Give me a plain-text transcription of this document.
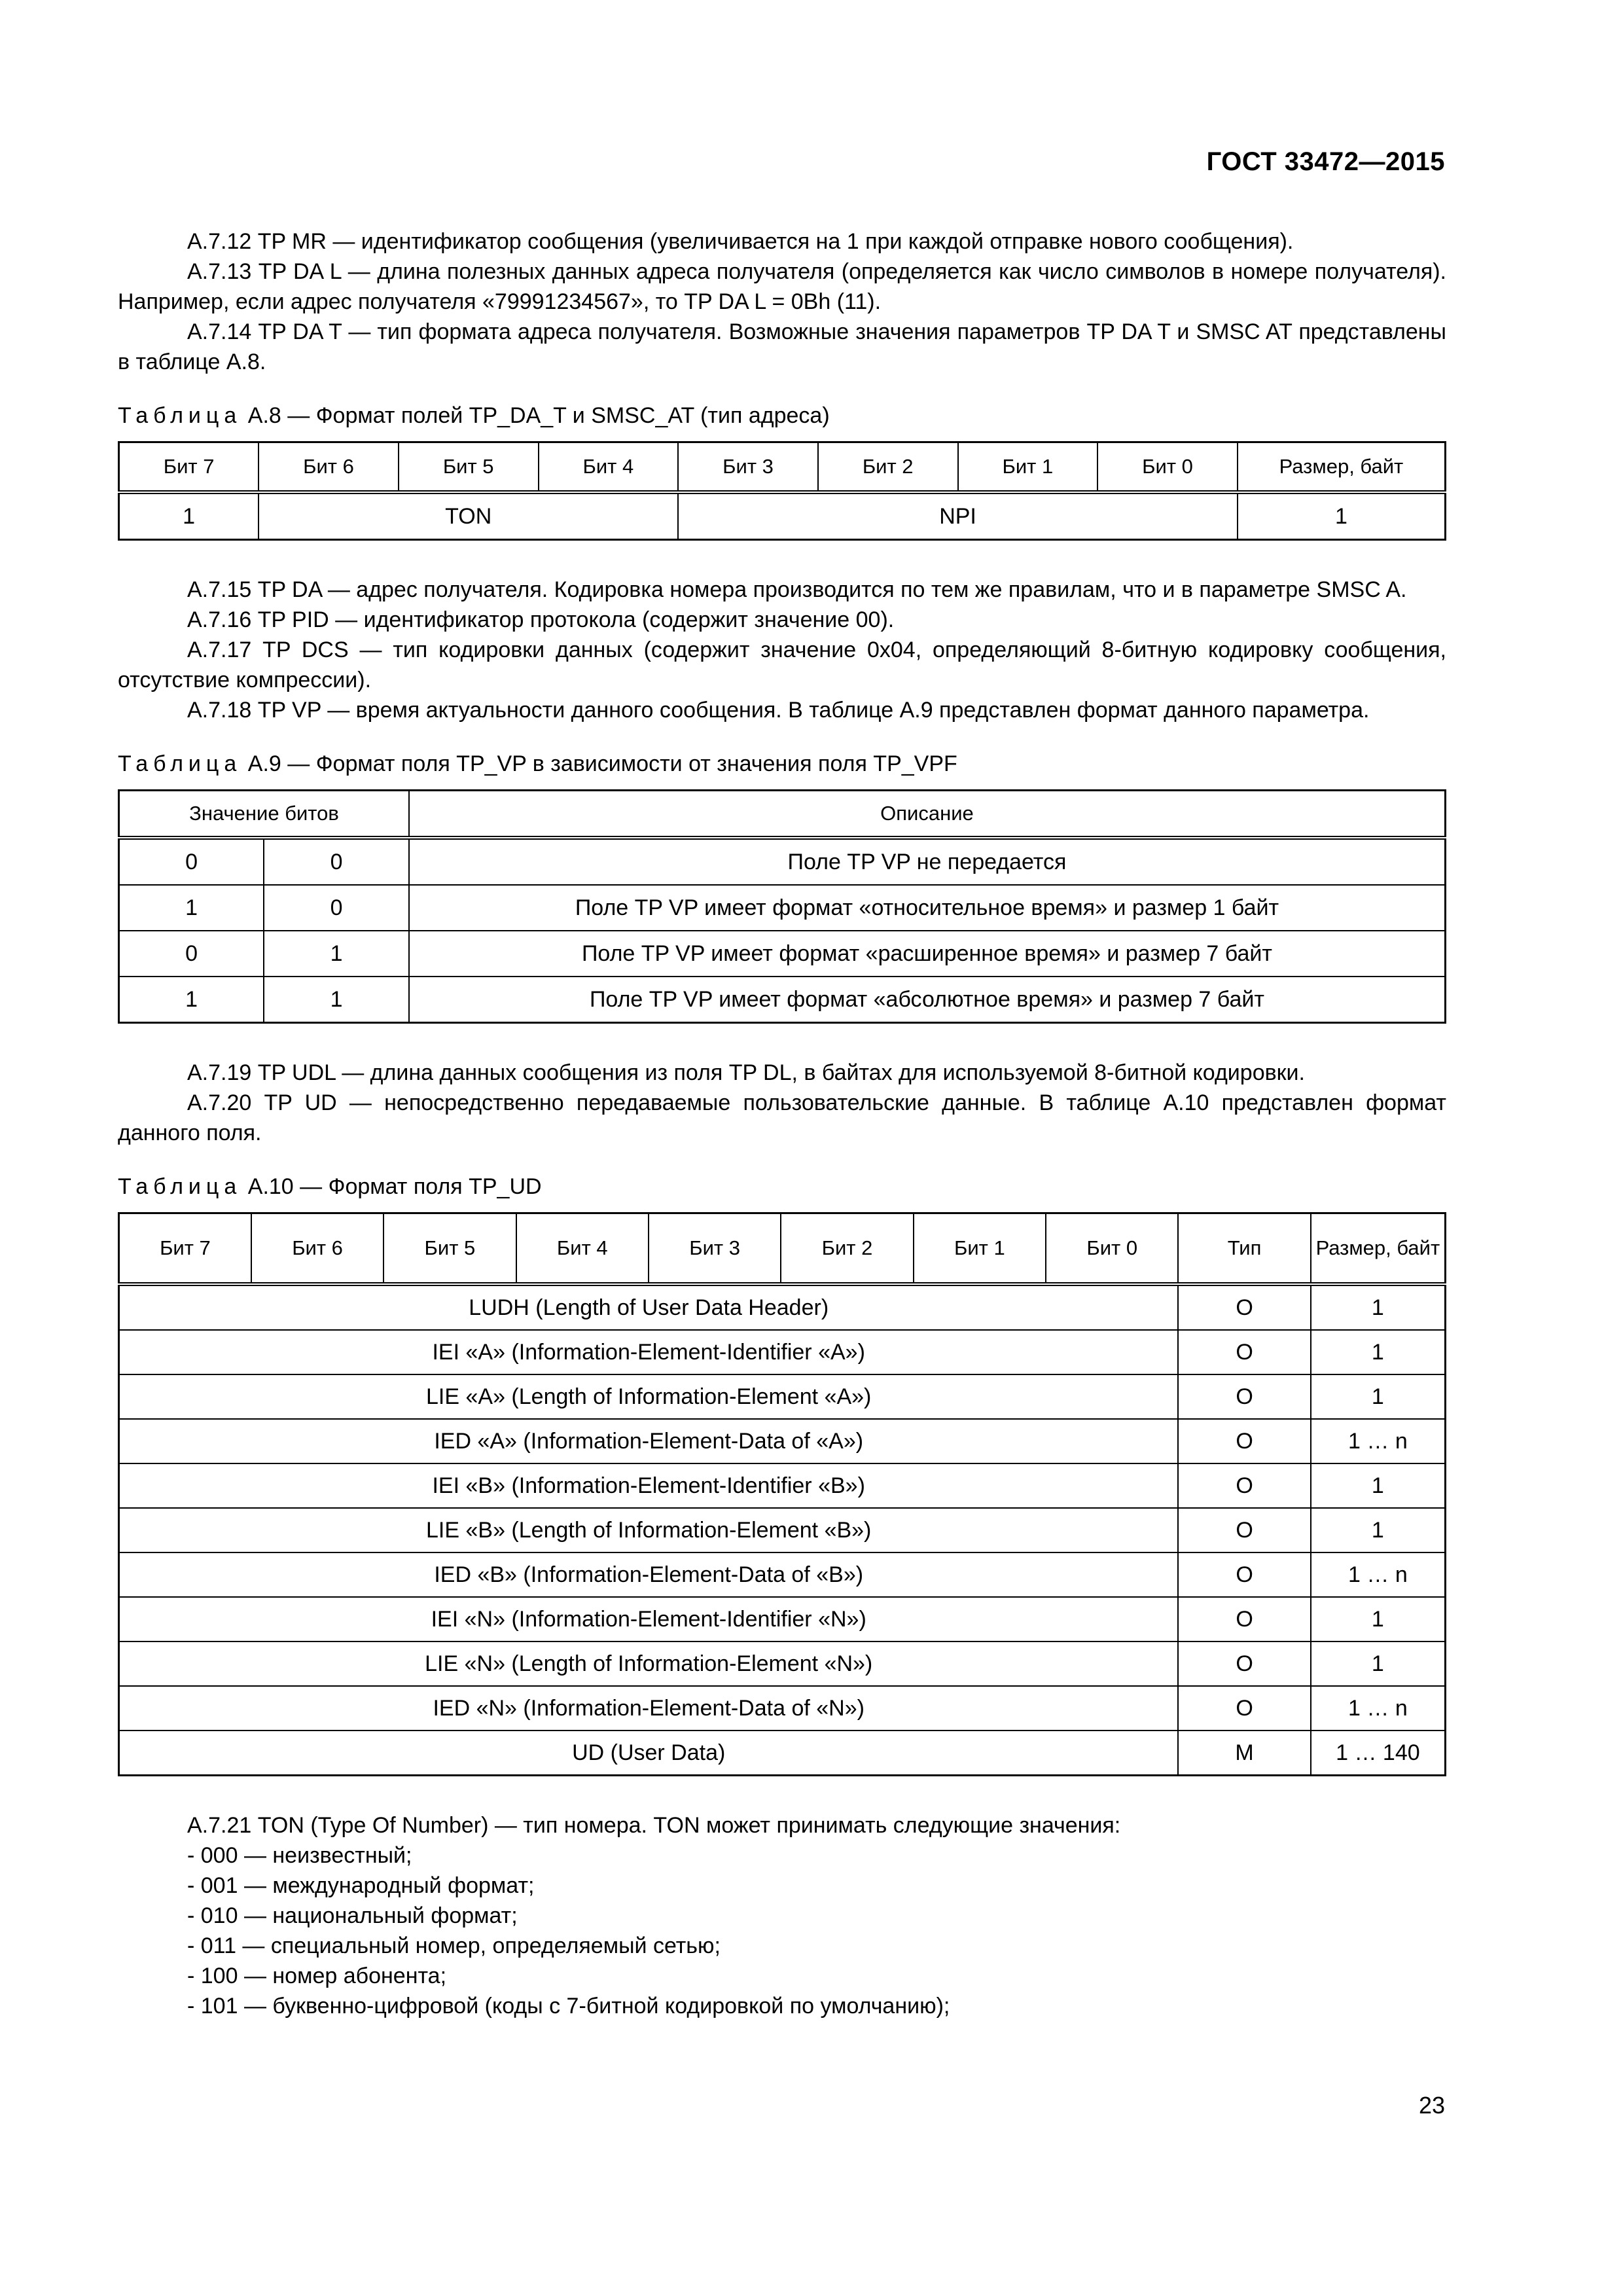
ГОСТ 33472—2015

А.7.12 TP MR — идентификатор сообщения (увеличивается на 1 при каждой отправке нового сообщения).

А.7.13 TP DA L — длина полезных данных адреса получателя (определяется как число символов в номере получателя). Например, если адрес получателя «79991234567», то TP DA L = 0Bh (11).

А.7.14 TP DA T — тип формата адреса получателя. Возможные значения параметров TP DA T и SMSC AT представлены в таблице А.8.

Таблица А.8 — Формат полей TP_DA_T и SMSC_AT (тип адреса)
Бит 7	Бит 6	Бит 5	Бит 4	Бит 3	Бит 2	Бит 1	Бит 0	Размер, байт
1	TON			NPI				1

А.7.15 TP DA — адрес получателя. Кодировка номера производится по тем же правилам, что и в параметре SMSC A.

А.7.16 TP PID — идентификатор протокола (содержит значение 00).

А.7.17 TP DCS — тип кодировки данных (содержит значение 0x04, определяющий 8-битную кодировку сообщения, отсутствие компрессии).

А.7.18 TP VP — время актуальности данного сообщения. В таблице А.9 представлен формат данного параметра.

Таблица А.9 — Формат поля TP_VP в зависимости от значения поля TP_VPF
Значение битов		Описание
0	0	Поле TP VP не передается
1	0	Поле TP VP имеет формат «относительное время» и размер 1 байт
0	1	Поле TP VP имеет формат «расширенное время» и размер 7 байт
1	1	Поле TP VP имеет формат «абсолютное время» и размер 7 байт

А.7.19 TP UDL — длина данных сообщения из поля TP DL, в байтах для используемой 8-битной кодировки.

А.7.20 TP UD — непосредственно передаваемые пользовательские данные. В таблице А.10 представлен формат данного поля.

Таблица А.10 — Формат поля TP_UD
Бит 7	Бит 6	Бит 5	Бит 4	Бит 3	Бит 2	Бит 1	Бит 0	Тип	Размер, байт
LUDH (Length of User Data Header)								O	1
IEI «A» (Information-Element-Identifier «A»)								O	1
LIE «A» (Length of Information-Element «A»)								O	1
IED «A» (Information-Element-Data of «A»)								O	1 … n
IEI «B» (Information-Element-Identifier «B»)								O	1
LIE «B» (Length of Information-Element «B»)								O	1
IED «B» (Information-Element-Data of «B»)								O	1 … n
IEI «N» (Information-Element-Identifier «N»)								O	1
LIE «N» (Length of Information-Element «N»)								O	1
IED «N» (Information-Element-Data of «N»)								O	1 … n
UD (User Data)								M	1 … 140

А.7.21 TON (Type Of Number) — тип номера. TON может принимать следующие значения:

- 000 — неизвестный;
- 001 — международный формат;
- 010 — национальный формат;
- 011 — специальный номер, определяемый сетью;
- 100 — номер абонента;
- 101 — буквенно-цифровой (коды с 7-битной кодировкой по умолчанию);
23
